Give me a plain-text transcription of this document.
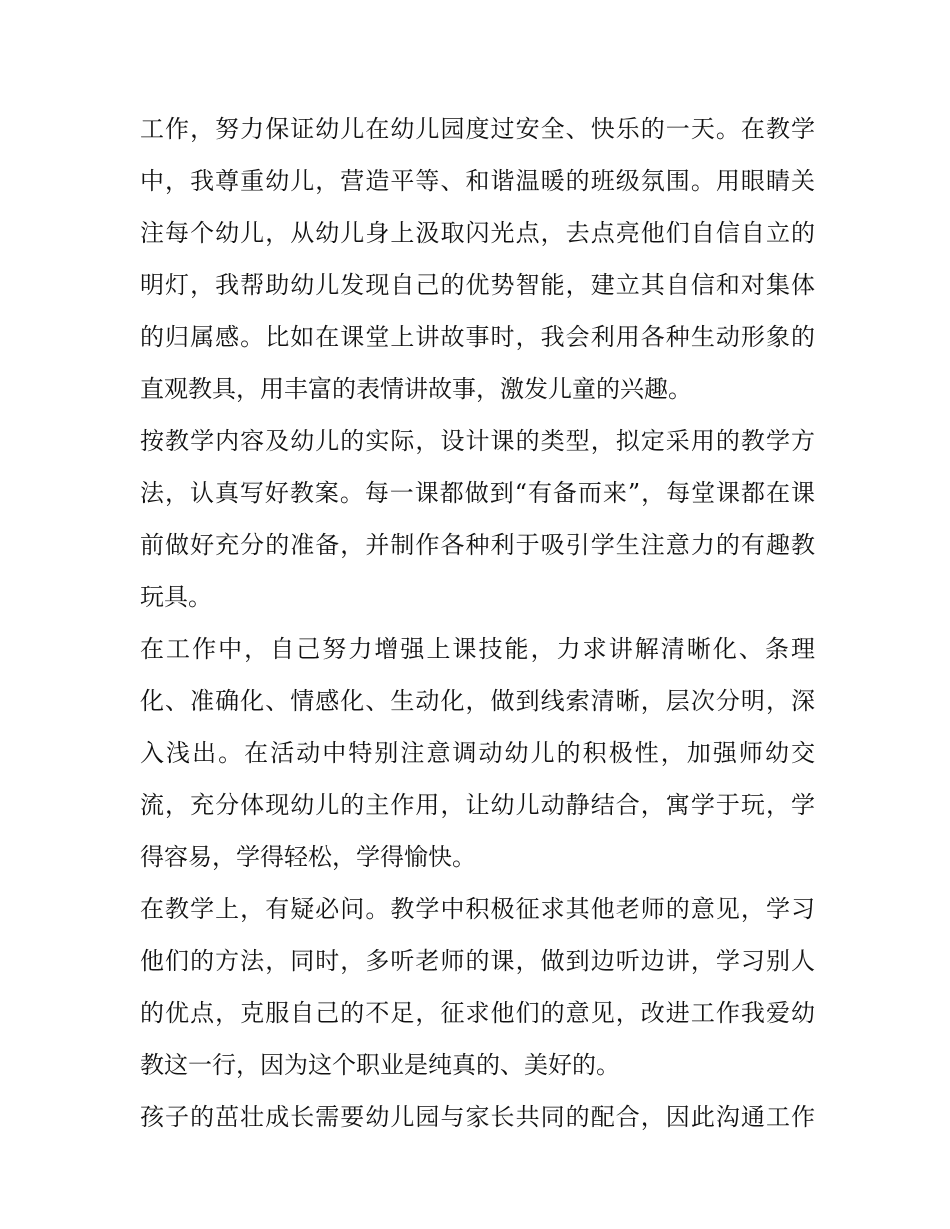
工作，努力保证幼儿在幼儿园度过安全、快乐的一天。在教学
中，我尊重幼儿，营造平等、和谐温暖的班级氛围。用眼睛关
注每个幼儿，从幼儿身上汲取闪光点，去点亮他们自信自立的
明灯，我帮助幼儿发现自己的优势智能，建立其自信和对集体
的归属感。比如在课堂上讲故事时，我会利用各种生动形象的
直观教具，用丰富的表情讲故事，激发儿童的兴趣。
按教学内容及幼儿的实际，设计课的类型，拟定采用的教学方
法，认真写好教案。每一课都做到“有备而来”，每堂课都在课
前做好充分的准备，并制作各种利于吸引学生注意力的有趣教
玩具。
在工作中，自己努力增强上课技能，力求讲解清晰化、条理
化、准确化、情感化、生动化，做到线索清晰，层次分明，深
入浅出。在活动中特别注意调动幼儿的积极性，加强师幼交
流，充分体现幼儿的主作用，让幼儿动静结合，寓学于玩，学
得容易，学得轻松，学得愉快。
在教学上，有疑必问。教学中积极征求其他老师的意见，学习
他们的方法，同时，多听老师的课，做到边听边讲，学习别人
的优点，克服自己的不足，征求他们的意见，改进工作我爱幼
教这一行，因为这个职业是纯真的、美好的。
孩子的茁壮成长需要幼儿园与家长共同的配合，因此沟通工作
